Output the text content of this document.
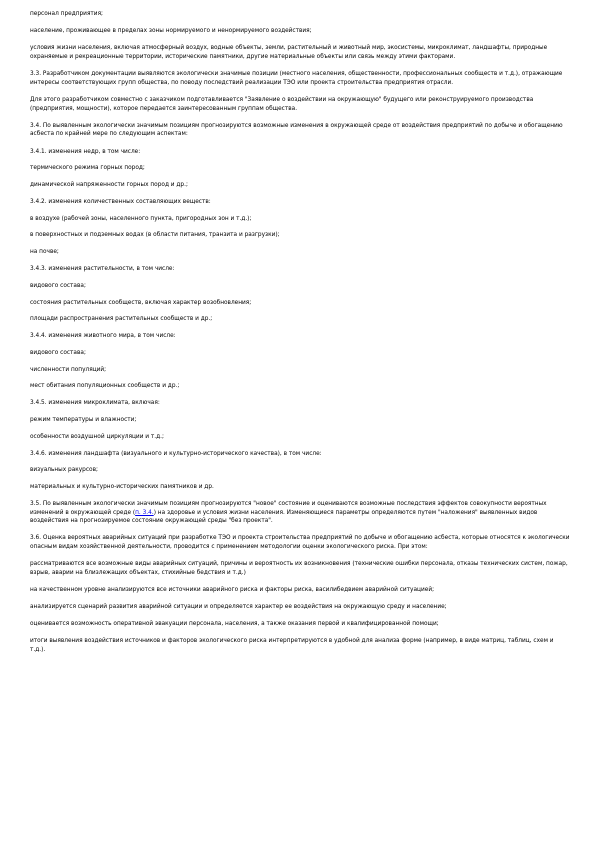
персонал предприятия;

население, проживающее в пределах зоны нормируемого и ненормируемого воздействия;

условия жизни населения, включая атмосферный воздух, водные объекты, земли, растительный и животный мир, экосистемы, микроклимат, ландшафты, природные охраняемые и рекреационные территории, исторические памятники, другие материальные объекты или связь между этими факторами.

3.3. Разработчиком документации выявляются экологически значимые позиции (местного населения, общественности, профессиональных сообществ и т.д.), отражающие интересы соответствующих групп общества, по поводу последствий реализации ТЭО или проекта строительства предприятия отрасли.

Для этого разработчиком совместно с заказчиком подготавливается "Заявление о воздействии на окружающую" будущего или реконструируемого производства (предприятия, мощности), которое передается заинтересованным группам общества.

3.4. По выявленным экологически значимым позициям прогнозируются возможные изменения в окружающей среде от воздействия предприятий по добыче и обогащению асбеста по крайней мере по следующим аспектам:

3.4.1. изменения недр, в том числе:

термического режима горных пород;

динамической напряженности горных пород и др.;

3.4.2. изменения количественных составляющих веществ:

в воздухе (рабочей зоны, населенного пункта, пригородных зон и т.д.);

в поверхностных и подземных водах (в области питания, транзита и разгрузки);

на почве;

3.4.3. изменения растительности, в том числе:

видового состава;

состояния растительных сообществ, включая характер возобновления;

площади распространения растительных сообществ и др.;

3.4.4. изменения животного мира, в том числе:

видового состава;

численности популяций;

мест обитания популяционных сообществ и др.;

3.4.5. изменения микроклимата, включая:

режим температуры и влажности;

особенности воздушной циркуляции и т.д.;

3.4.6. изменения ландшафта (визуального и культурно-исторического качества), в том числе:

визуальных ракурсов;

материальных и культурно-исторических памятников и др.

3.5. По выявленным экологически значимым позициям прогнозируются "новое" состояние и оцениваются возможные последствия эффектов совокупности вероятных изменений в окружающей среде (п. 3.4.) на здоровье и условия жизни населения. Изменяющиеся параметры определяются путем "наложения" выявленных видов воздействия на прогнозируемое состояние окружающей среды "без проекта".

3.6. Оценка вероятных аварийных ситуаций при разработке ТЭО и проекта строительства предприятий по добыче и обогащению асбеста, которые относятся к экологически опасным видам хозяйственной деятельности, проводится с применением методологии оценки экологического риска. При этом:

рассматриваются все возможные виды аварийных ситуаций, причины и вероятность их возникновения (технические ошибки персонала, отказы технических систем, пожар, взрыв, аварии на близлежащих объектах, стихийные бедствия и т.д.)

на качественном уровне анализируются все источники аварийного риска и факторы риска, василибедвием аварийной ситуацией;

анализируется сценарий развития аварийной ситуации и определяется характер ее воздействия на окружающую среду и население;

оценивается возможность оперативной эвакуации персонала, населения, а также оказания первой и квалифицированной помощи;

итоги выявления воздействия источников и факторов экологического риска интерпретируются в удобной для анализа форме (например, в виде матриц, таблиц, схем и т.д.).
